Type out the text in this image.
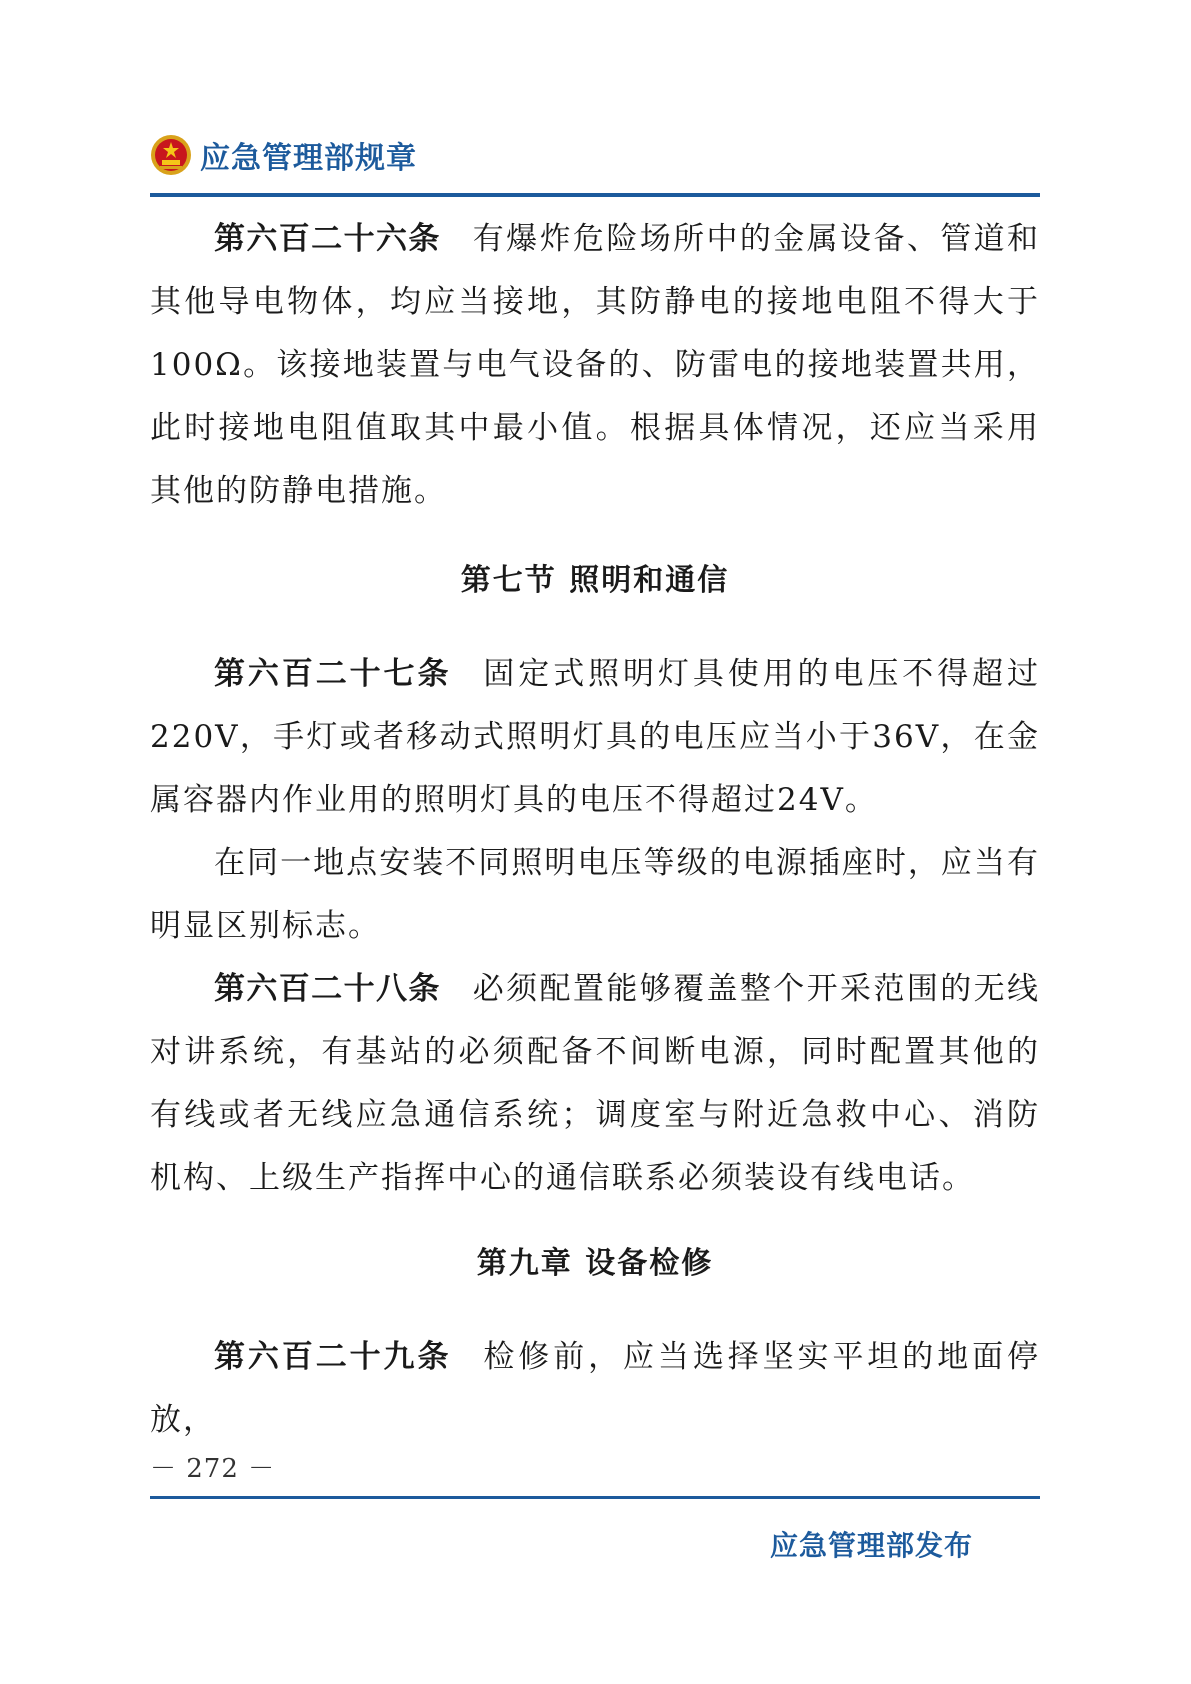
应急管理部规章

第六百二十六条 有爆炸危险场所中的金属设备、管道和其他导电物体，均应当接地，其防静电的接地电阻不得大于100Ω。该接地装置与电气设备的、防雷电的接地装置共用，此时接地电阻值取其中最小值。根据具体情况，还应当采用其他的防静电措施。

第七节 照明和通信

第六百二十七条 固定式照明灯具使用的电压不得超过220V，手灯或者移动式照明灯具的电压应当小于36V，在金属容器内作业用的照明灯具的电压不得超过24V。

在同一地点安装不同照明电压等级的电源插座时，应当有明显区别标志。

第六百二十八条 必须配置能够覆盖整个开采范围的无线对讲系统，有基站的必须配备不间断电源，同时配置其他的有线或者无线应急通信系统；调度室与附近急救中心、消防机构、上级生产指挥中心的通信联系必须装设有线电话。

第九章 设备检修

第六百二十九条 检修前，应当选择坚实平坦的地面停放，

－ 272 －
应急管理部发布
